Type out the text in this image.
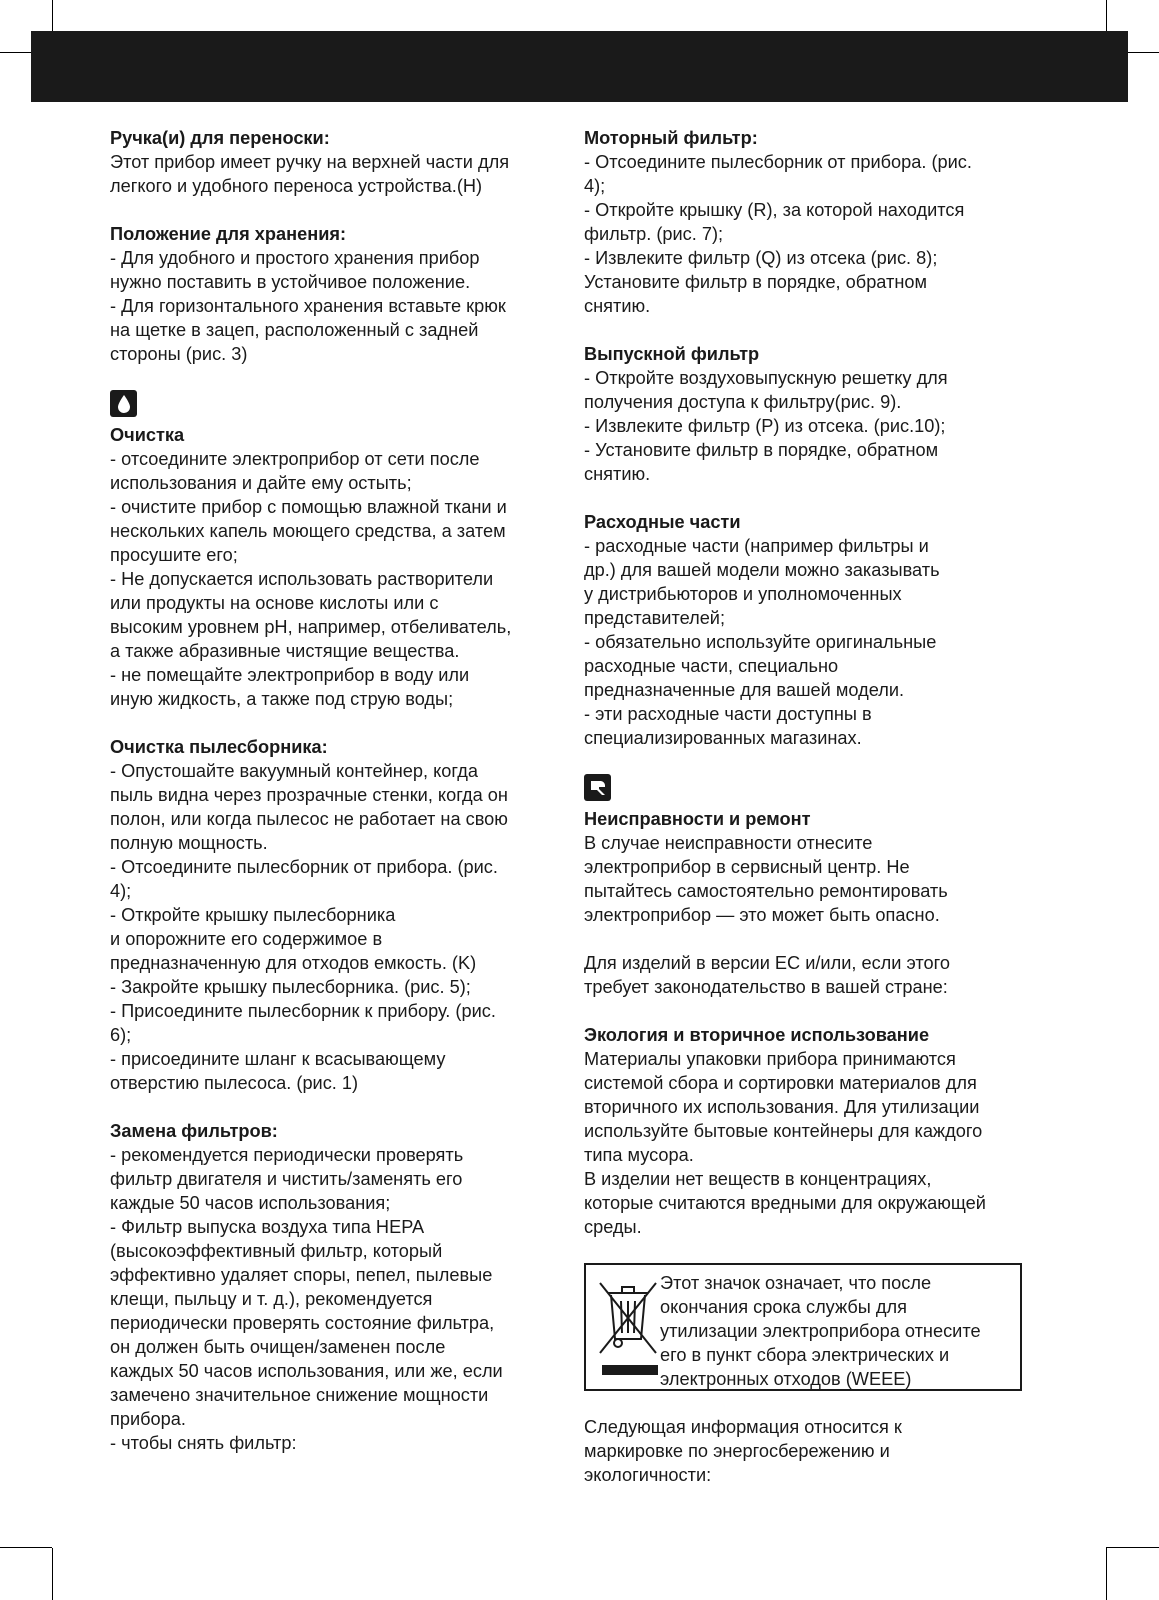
Ручка(и) для переноски:
Этот прибор имеет ручку на верхней части для
легкого и удобного переноса устройства.(H)
Положение для хранения:
- Для удобного и простого хранения прибор
нужно поставить в устойчивое положение.
- Для горизонтального хранения вставьте крюк
на щетке в зацеп, расположенный с задней
стороны (рис. 3)
Очистка
- отсоедините электроприбор от сети после
использования и дайте ему остыть;
- очистите прибор с помощью влажной ткани и
нескольких капель моющего средства, а затем
просушите его;
- Не допускается использовать растворители
или продукты на основе кислоты или с
высоким уровнем pH, например, отбеливатель,
а также абразивные чистящие вещества.
- не помещайте электроприбор в воду или
иную жидкость, а также под струю воды;
Очистка пылесборника:
- Опустошайте вакуумный контейнер, когда
пыль видна через прозрачные стенки, когда он
полон, или когда пылесос не работает на свою
полную мощность.
- Отсоедините пылесборник от прибора. (рис.
4);
- Откройте крышку пылесборника
и опорожните его содержимое в
предназначенную для отходов емкость. (K)
- Закройте крышку пылесборника. (рис. 5);
- Присоедините пылесборник к прибору. (рис.
6);
- присоедините шланг к всасывающему
отверстию пылесоса. (рис. 1)
Замена фильтров:
- рекомендуется периодически проверять
фильтр двигателя и чистить/заменять его
каждые 50 часов использования;
- Фильтр выпуска воздуха типа HEPA
(высокоэффективный фильтр, который
эффективно удаляет споры, пепел, пылевые
клещи, пыльцу и т. д.), рекомендуется
периодически проверять состояние фильтра,
он должен быть очищен/заменен после
каждых 50 часов использования, или же, если
замечено значительное снижение мощности
прибора.
- чтобы снять фильтр:
Моторный фильтр:
- Отсоедините пылесборник от прибора. (рис.
4);
- Откройте крышку (R), за которой находится
фильтр. (рис. 7);
- Извлеките фильтр (Q) из отсека (рис. 8);
Установите фильтр в порядке, обратном
снятию.
Выпускной фильтр
- Откройте воздуховыпускную решетку для
получения доступа к фильтру(рис. 9).
- Извлеките фильтр (P) из отсека. (рис.10);
- Установите фильтр в порядке, обратном
снятию.
Расходные части
- расходные части (например фильтры и
др.) для вашей модели можно заказывать
у дистрибьюторов и уполномоченных
представителей;
- обязательно используйте оригинальные
расходные части, специально
предназначенные для вашей модели.
- эти расходные части доступны в
специализированных магазинах.
Неисправности и ремонт
В случае неисправности отнесите
электроприбор в сервисный центр. Не
пытайтесь самостоятельно ремонтировать
электроприбор — это может быть опасно.
Для изделий в версии ЕС и/или, если этого
требует законодательство в вашей стране:
Экология и вторичное использование
Материалы упаковки прибора принимаются
системой сбора и сортировки материалов для
вторичного их использования. Для утилизации
используйте бытовые контейнеры для каждого
типа мусора.
В изделии нет веществ в концентрациях,
которые считаются вредными для окружающей
среды.
Этот значок означает, что после
окончания срока службы для
утилизации электроприбора отнесите
его в пункт сбора электрических и
электронных отходов (WEEE)
Следующая информация относится к
маркировке по энергосбережению и
экологичности:
